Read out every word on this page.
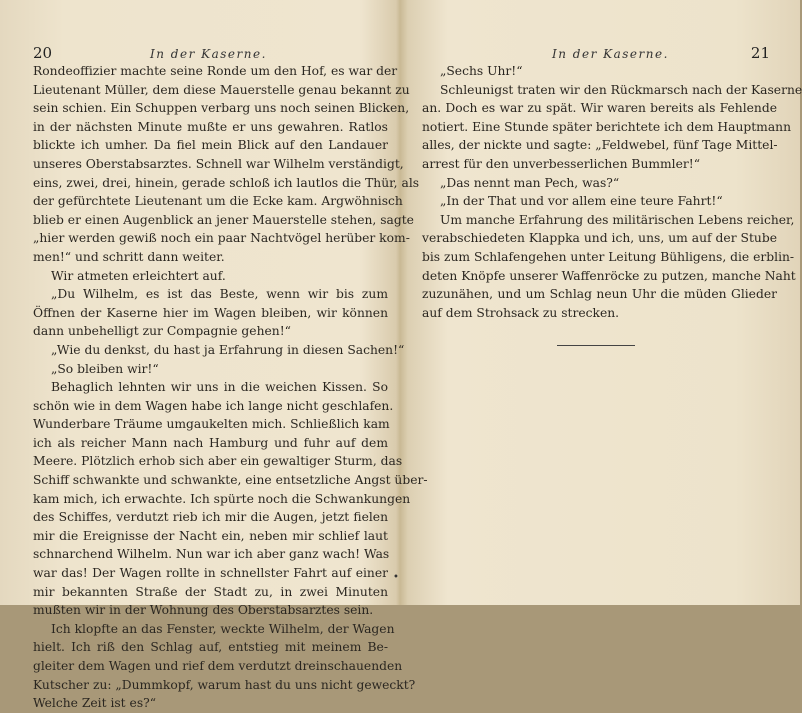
20	In der Kaserne.
Rondeoffizier machte seine Ronde um den Hof, es war der
Lieutenant Müller, dem diese Mauerstelle genau bekannt zu
sein schien. Ein Schuppen verbarg uns noch seinen Blicken,
in der nächsten Minute mußte er uns gewahren. Ratlos
blickte ich umher. Da fiel mein Blick auf den Landauer
unseres Oberstabsarztes. Schnell war Wilhelm verständigt,
eins, zwei, drei, hinein, gerade schloß ich lautlos die Thür, als
der gefürchtete Lieutenant um die Ecke kam. Argwöhnisch
blieb er einen Augenblick an jener Mauerstelle stehen, sagte
„hier werden gewiß noch ein paar Nachtvögel herüber kom-
men!“ und schritt dann weiter.
Wir atmeten erleichtert auf.
„Du Wilhelm, es ist das Beste, wenn wir bis zum
Öffnen der Kaserne hier im Wagen bleiben, wir können
dann unbehelligt zur Compagnie gehen!“
„Wie du denkst, du hast ja Erfahrung in diesen Sachen!“
„So bleiben wir!“
Behaglich lehnten wir uns in die weichen Kissen. So
schön wie in dem Wagen habe ich lange nicht geschlafen.
Wunderbare Träume umgaukelten mich. Schließlich kam
ich als reicher Mann nach Hamburg und fuhr auf dem
Meere. Plötzlich erhob sich aber ein gewaltiger Sturm, das
Schiff schwankte und schwankte, eine entsetzliche Angst über-
kam mich, ich erwachte. Ich spürte noch die Schwankungen
des Schiffes, verdutzt rieb ich mir die Augen, jetzt fielen
mir die Ereignisse der Nacht ein, neben mir schlief laut
schnarchend Wilhelm. Nun war ich aber ganz wach! Was
war das! Der Wagen rollte in schnellster Fahrt auf einer
mir bekannten Straße der Stadt zu, in zwei Minuten
mußten wir in der Wohnung des Oberstabsarztes sein.
Ich klopfte an das Fenster, weckte Wilhelm, der Wagen
hielt. Ich riß den Schlag auf, entstieg mit meinem Be-
gleiter dem Wagen und rief dem verdutzt dreinschauenden
Kutscher zu: „Dummkopf, warum hast du uns nicht geweckt?
Welche Zeit ist es?“
21
In der Kaserne.
„Sechs Uhr!“
Schleunigst traten wir den Rückmarsch nach der Kaserne
an. Doch es war zu spät. Wir waren bereits als Fehlende
notiert. Eine Stunde später berichtete ich dem Hauptmann
alles, der nickte und sagte: „Feldwebel, fünf Tage Mittel-
arrest für den unverbesserlichen Bummler!“
„Das nennt man Pech, was?“
„In der That und vor allem eine teure Fahrt!“
Um manche Erfahrung des militärischen Lebens reicher,
verabschiedeten Klappka und ich, uns, um auf der Stube
bis zum Schlafengehen unter Leitung Bühligens, die erblin-
deten Knöpfe unserer Waffenröcke zu putzen, manche Naht
zuzunähen, und um Schlag neun Uhr die müden Glieder
auf dem Strohsack zu strecken.
•
